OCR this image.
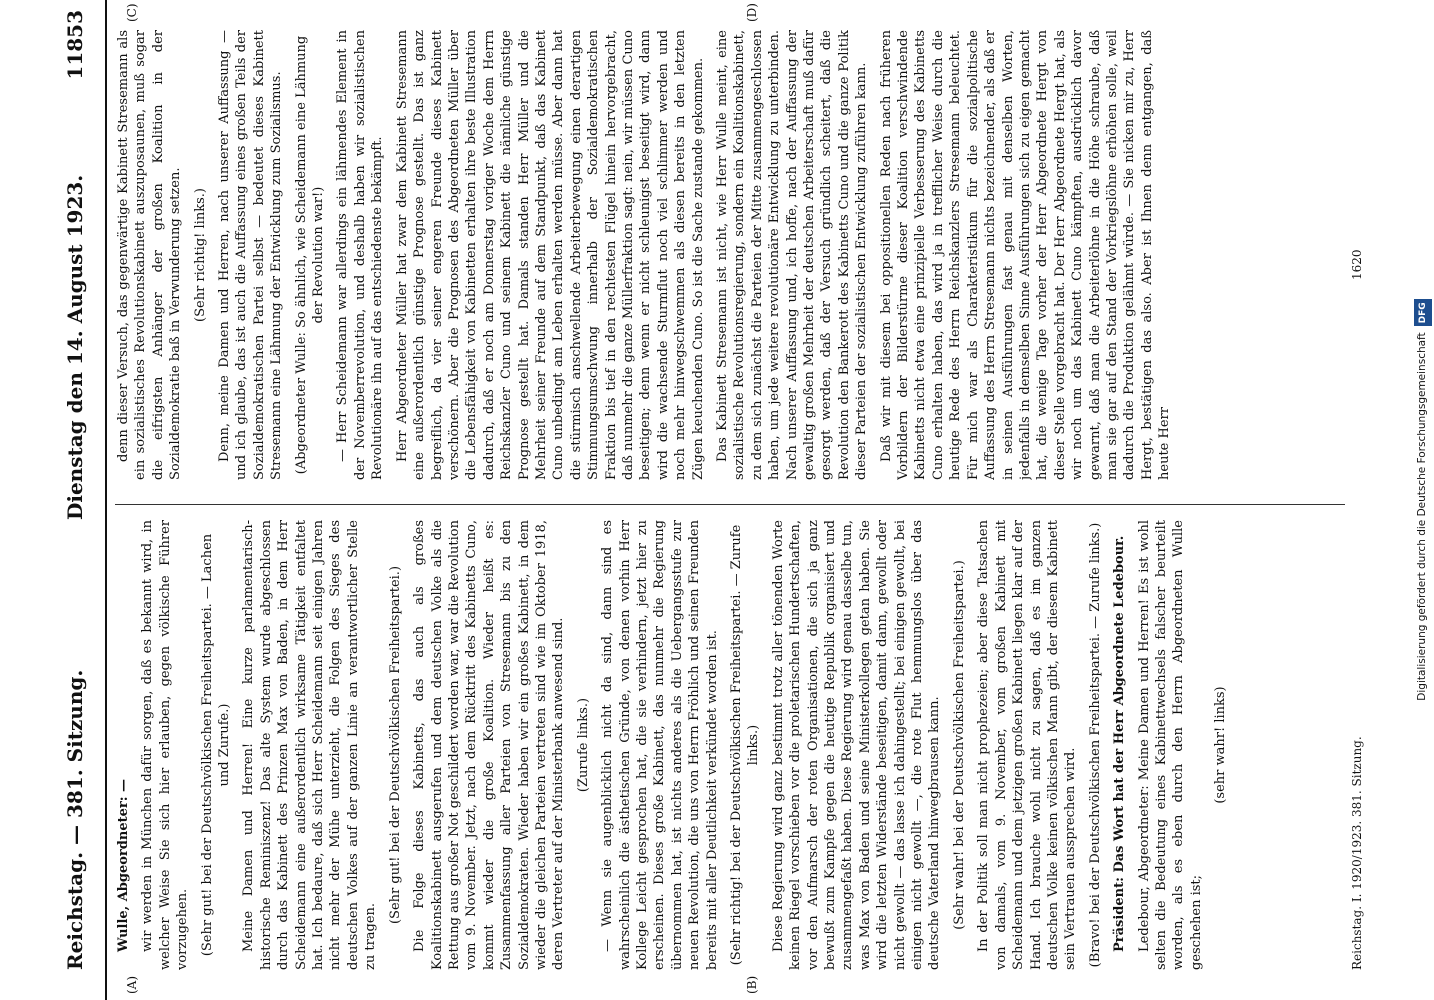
Reichstag. — 381. Sitzung.
Dienstag den 14. August 1923.
11853
(A)	(B)
(C)	(D)

Wulle, Abgeordneter: — wir werden in München dafür sorgen, daß es bekannt wird, in welcher Weise Sie sich hier erlauben, gegen völkische Führer vorzugehen. (Sehr gut! bei der Deutschvölkischen Freiheitspartei. — Lachen und Zurufe.) Meine Damen und Herren! Eine kurze parlamentarisch-historische Reminiszenz! Das alte System wurde abgeschlossen durch das Kabinett des Prinzen Max von Baden, in dem Herr Scheidemann eine außerordentlich wirksame Tätigkeit entfaltet hat. Ich bedaure, daß sich Herr Scheidemann seit einigen Jahren nicht mehr der Mühe unterzieht, die Folgen des Sieges des deutschen Volkes auf der ganzen Linie an verantwortlicher Stelle zu tragen.

(Sehr gut! bei der Deutschvölkischen Freiheitspartei.) Die Folge dieses Kabinetts, das auch als großes Koalitionskabinett ausgerufen und dem deutschen Volke als die Rettung aus großer Not geschildert worden war, war die Revolution vom 9. November. Jetzt, nach dem Rücktritt des Kabinetts Cuno, kommt wieder die große Koalition. Wieder heißt es: Zusammenfassung aller Parteien von Stresemann bis zu den Sozialdemokraten. Wieder haben wir ein großes Kabinett, in dem wieder die gleichen Parteien vertreten sind wie im Oktober 1918, deren Vertreter auf der Ministerbank anwesend sind. (Zurufe links.) — Wenn sie augenblicklich nicht da sind, dann sind es wahrscheinlich die ästhetischen Gründe, von denen vorhin Herr Kollege Leicht gesprochen hat, die sie verhindern, jetzt hier zu erscheinen. Dieses große Kabinett, das nunmehr die Regierung übernommen hat, ist nichts anderes als die Uebergangsstufe zur neuen Revolution, die uns von Herrn Fröhlich und seinen Freunden bereits mit aller Deutlichkeit verkündet worden ist. (Sehr richtig! bei der Deutschvölkischen Freiheitspartei. — Zurufe links.) Diese Regierung wird ganz bestimmt trotz aller tönenden Worte keinen Riegel vorschieben vor die proletarischen Hundertschaften, vor den Aufmarsch der roten Organisationen, die sich ja ganz bewußt zum Kampfe gegen die heutige Republik organisiert und zusammengefaßt haben. Diese Regierung wird genau dasselbe tun, was Max von Baden und seine Ministerkollegen getan haben. Sie wird die letzten Widerstände beseitigen, damit dann, gewollt oder nicht gewollt — das lasse ich dahingestellt; bei einigen gewollt, bei einigen nicht gewollt —, die rote Flut hemmungslos über das deutsche Vaterland hinwegbrausen kann. (Sehr wahr! bei der Deutschvölkischen Freiheitspartei.) In der Politik soll man nicht prophezeien; aber diese Tatsachen von damals, vom 9. November, vom großen Kabinett mit Scheidemann und dem jetzigen großen Kabinett liegen klar auf der Hand. Ich brauche wohl nicht zu sagen, daß es im ganzen deutschen Volke keinen völkischen Mann gibt, der diesem Kabinett sein Vertrauen aussprechen wird. (Bravo! bei der Deutschvölkischen Freiheitspartei. — Zurufe links.) Präsident: Das Wort hat der Herr Abgeordnete Ledebour. Ledebour, Abgeordneter: Meine Damen und Herren! Es ist wohl selten die Bedeutung eines Kabinettwechsels falscher beurteilt worden, als es eben durch den Herrn Abgeordneten Wulle geschehen ist;

(sehr wahr! links)

denn dieser Versuch, das gegenwärtige Kabinett Stresemann als ein sozialistisches Revolutionskabinett auszuposaunen, muß sogar die eifrigsten Anhänger der großen Koalition in der Sozialdemokratie baß in Verwunderung setzen. (Sehr richtig! links.) Denn, meine Damen und Herren, nach unserer Auffassung — und ich glaube, das ist auch die Auffassung eines großen Teils der Sozialdemokratischen Partei selbst — bedeutet dieses Kabinett Stresemann eine Lähmung der Entwicklung zum Sozialismus. (Abgeordneter Wulle: So ähnlich, wie Scheidemann eine Lähmung der Revolution war!) — Herr Scheidemann war allerdings ein lähmendes Element in der Novemberrevolution, und deshalb haben wir sozialistischen Revolutionäre ihn auf das entschiedenste bekämpft. Herr Abgeordneter Müller hat zwar dem Kabinett Stresemann eine außerordentlich günstige Prognose gestellt. Das ist ganz begreiflich, da vier seiner engeren Freunde dieses Kabinett verschönern. Aber die Prognosen des Abgeordneten Müller über die Lebensfähigkeit von Kabinetten erhalten ihre beste Illustration dadurch, daß er noch am Donnerstag voriger Woche dem Herrn Reichskanzler Cuno und seinem Kabinett die nämliche günstige Prognose gestellt hat. Damals standen Herr Müller und die Mehrheit seiner Freunde auf dem Standpunkt, daß das Kabinett Cuno unbedingt am Leben erhalten werden müsse. Aber dann hat die stürmisch anschwellende Arbeiterbewegung einen derartigen Stimmungsumschwung innerhalb der Sozialdemokratischen Fraktion bis tief in den rechtesten Flügel hinein hervorgebracht, daß nunmehr die ganze Müllerfraktion sagt: nein, wir müssen Cuno beseitigen; denn wenn er nicht schleunigst beseitigt wird, dann wird die wachsende Sturmflut noch viel schlimmer werden und noch mehr hinwegschwemmen als diesen bereits in den letzten Zügen keuchenden Cuno. So ist die Sache zustande gekommen. Das Kabinett Stresemann ist nicht, wie Herr Wulle meint, eine sozialistische Revolutionsregierung, sondern ein Koalitionskabinett, zu dem sich zunächst die Parteien der Mitte zusammengeschlossen haben, um jede weitere revolutionäre Entwicklung zu unterbinden. Nach unserer Auffassung und, ich hoffe, nach der Auffassung der gewaltig großen Mehrheit der deutschen Arbeiterschaft muß dafür gesorgt werden, daß der Versuch gründlich scheitert, daß die Revolution den Bankerott des Kabinetts Cuno und die ganze Politik dieser Parteien der sozialistischen Entwicklung zuführen kann. Daß wir mit diesem bei oppositionellen Reden nach früheren Vorbildern der Bilderstürme dieser Koalition verschwindende Kabinetts nicht etwa eine prinzipielle Verbesserung des Kabinetts Cuno erhalten haben, das wird ja in trefflicher Weise durch die heutige Rede des Herrn Reichskanzlers Stresemann beleuchtet. Für mich war als Charakteristikum für die sozialpolitische Auffassung des Herrn Stresemann nichts bezeichnender, als daß er in seinen Ausführungen fast genau mit denselben Worten, jedenfalls in demselben Sinne Ausführungen sich zu eigen gemacht hat, die wenige Tage vorher der Herr Abgeordnete Hergt von dieser Stelle vorgebracht hat. Der Herr Abgeordnete Hergt hat, als wir noch um das Kabinett Cuno kämpften, ausdrücklich davor gewarnt, daß man die Arbeiterlöhne in die Höhe schraube, daß man sie gar auf den Stand der Vorkriegslöhne erhöhen solle, weil dadurch die Produktion gelähmt würde. — Sie nicken mir zu, Herr Hergt, bestätigen das also. Aber ist Ihnen denn entgangen, daß heute Herr

Reichstag. I. 1920/1923. 381. Sitzung.
1620
Digitalisierung gefördert durch die Deutsche ForschungsgemeinschaftDFG
